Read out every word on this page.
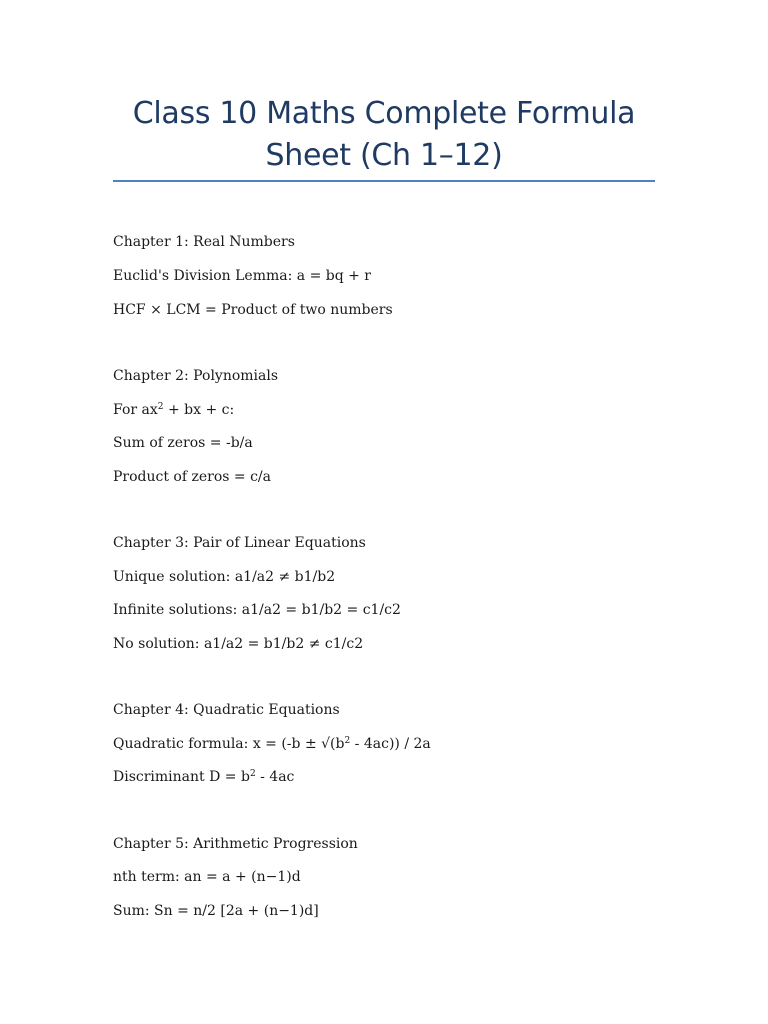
Class 10 Maths Complete Formula
Sheet (Ch 1–12)
Chapter 1: Real Numbers
Euclid's Division Lemma: a = bq + r
HCF × LCM = Product of two numbers
Chapter 2: Polynomials
For $ax^2$ + bx + c:
Sum of zeros = -b/a
Product of zeros = c/a
Chapter 3: Pair of Linear Equations
Unique solution: a1/a2 ≠ b1/b2
Infinite solutions: a1/a2 = b1/b2 = c1/c2
No solution: a1/a2 = b1/b2 ≠ c1/c2
Chapter 4: Quadratic Equations
Quadratic formula: $x = (-b \pm √(b^2 - 4ac)) / 2a$
Discriminant $D = b^2 - 4ac$
Chapter 5: Arithmetic Progression
nth term: an = a + (n−1)d
Sum: Sn = n/2 [2a + (n−1)d]
